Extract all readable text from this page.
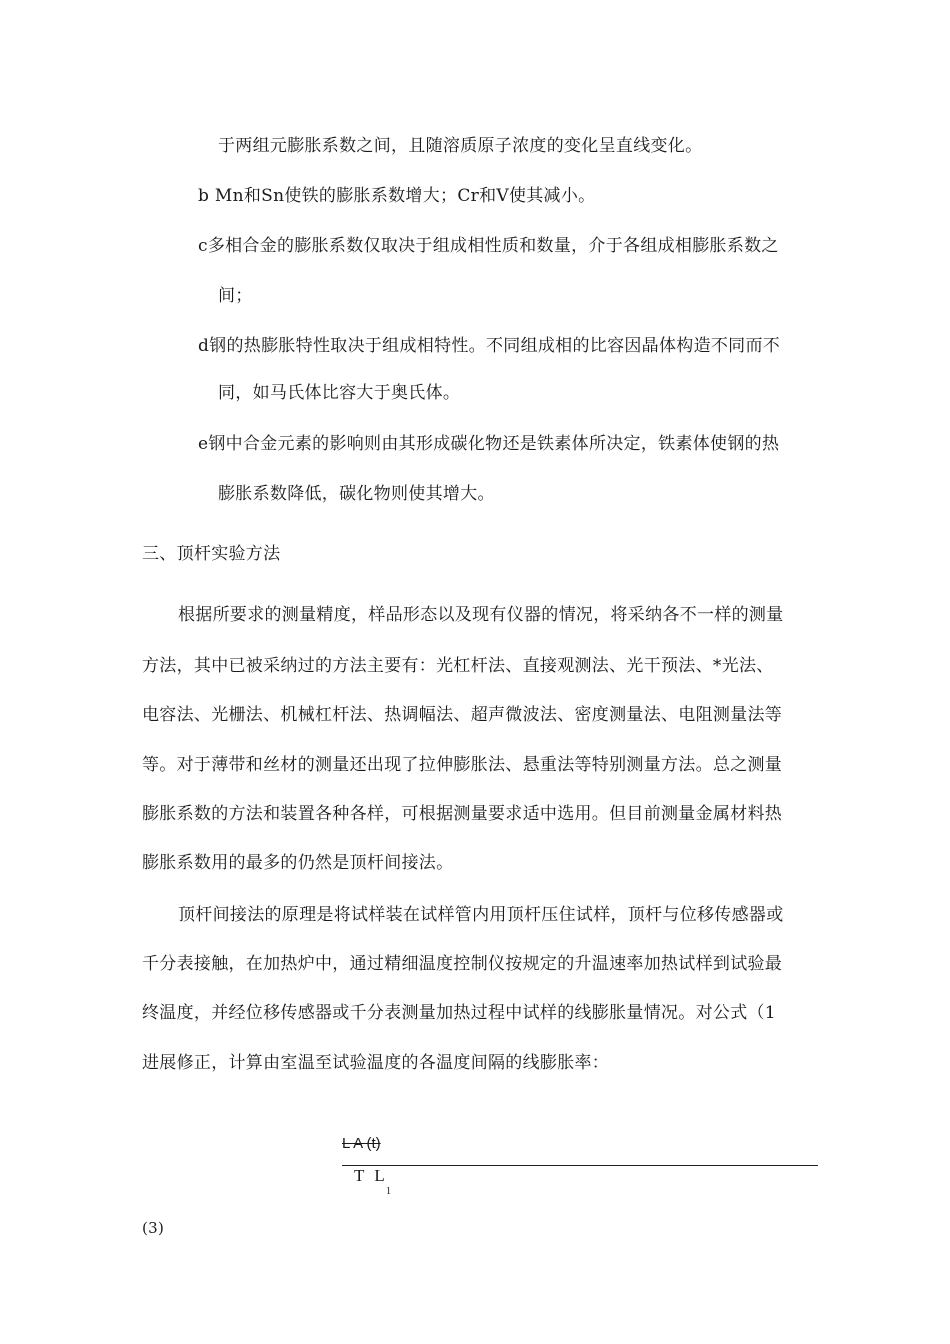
于两组元膨胀系数之间，且随溶质原子浓度的变化呈直线变化。
b Mn和Sn使铁的膨胀系数增大；Cr和V使其减小。
c多相合金的膨胀系数仅取决于组成相性质和数量，介于各组成相膨胀系数之
间；
d钢的热膨胀特性取决于组成相特性。不同组成相的比容因晶体构造不同而不
同，如马氏体比容大于奥氏体。
e钢中合金元素的影响则由其形成碳化物还是铁素体所决定，铁素体使钢的热
膨胀系数降低，碳化物则使其增大。
三、顶杆实验方法
根据所要求的测量精度，样品形态以及现有仪器的情况，将采纳各不一样的测量
方法，其中已被采纳过的方法主要有：光杠杆法、直接观测法、光干预法、*光法、
电容法、光栅法、机械杠杆法、热调幅法、超声微波法、密度测量法、电阻测量法等
等。对于薄带和丝材的测量还出现了拉伸膨胀法、悬重法等特别测量方法。总之测量
膨胀系数的方法和装置各种各样，可根据测量要求适中选用。但目前测量金属材料热
膨胀系数用的最多的仍然是顶杆间接法。
顶杆间接法的原理是将试样装在试样管内用顶杆压住试样，顶杆与位移传感器或
千分表接触，在加热炉中，通过精细温度控制仪按规定的升温速率加热试样到试验最
终温度，并经位移传感器或千分表测量加热过程中试样的线膨胀量情况。对公式（1
进展修正，计算由室温至试验温度的各温度间隔的线膨胀率：
L A (t)
T L
1
(3)
